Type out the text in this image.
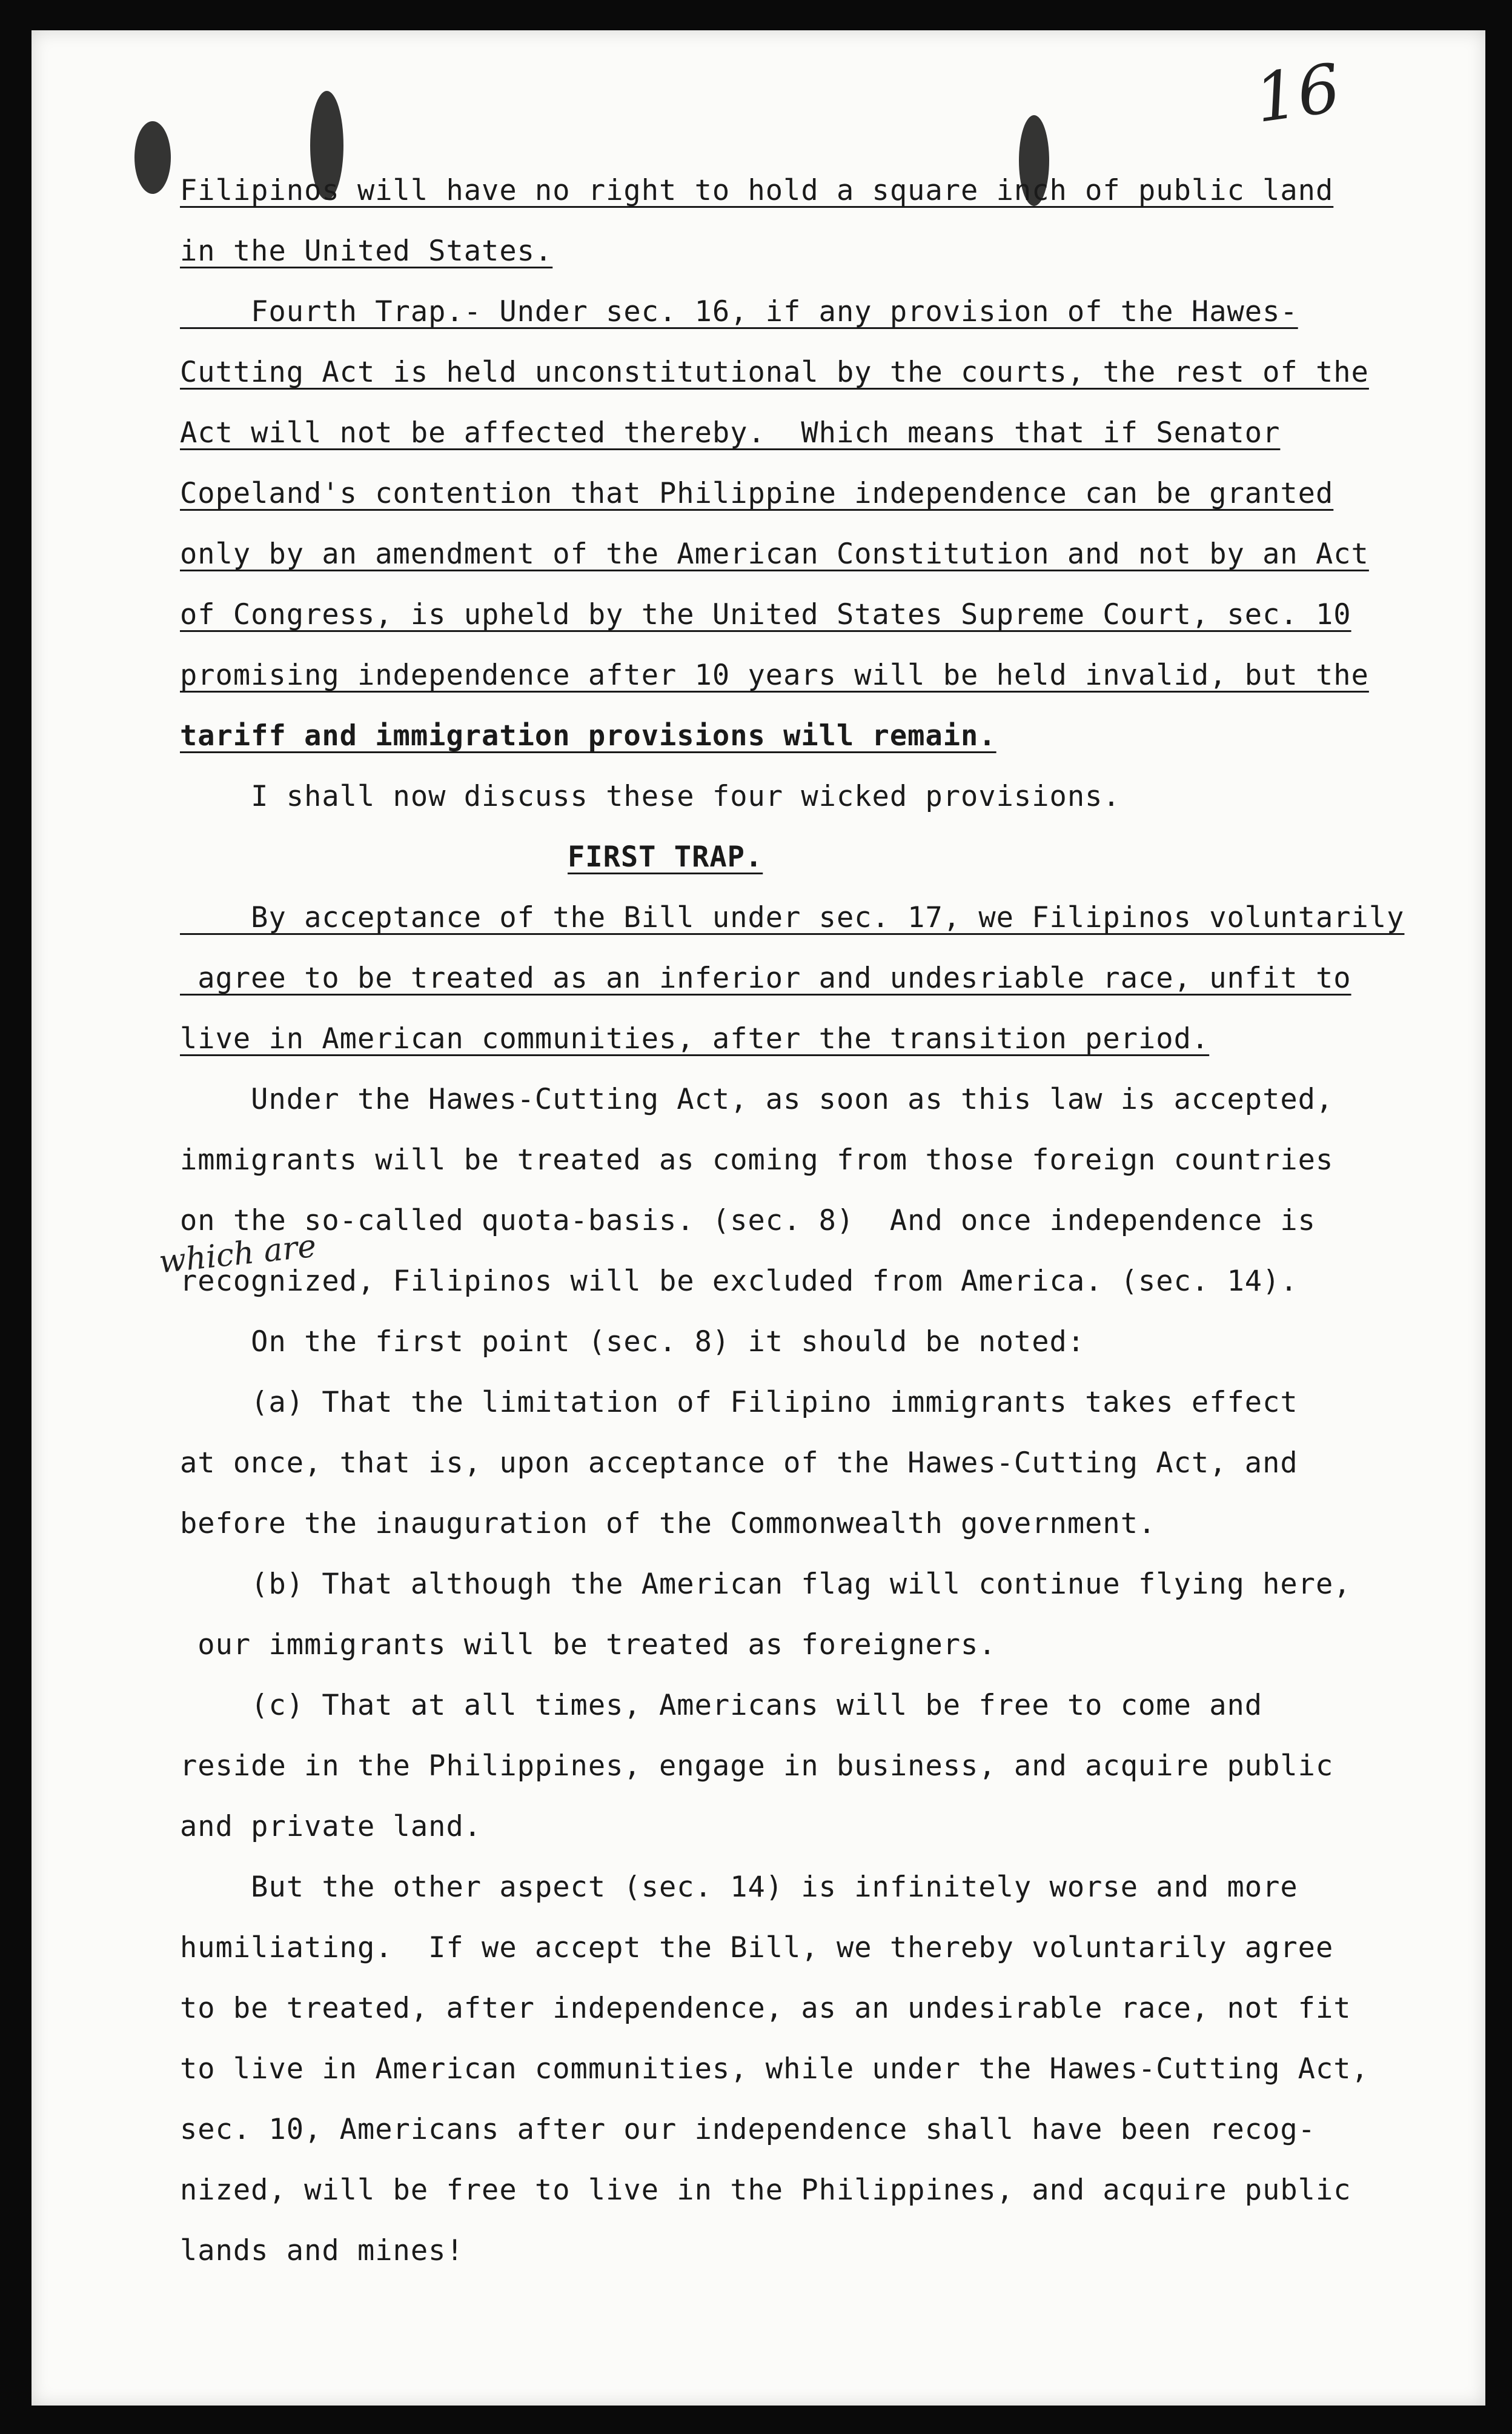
16
which are
Filipinos will have no right to hold a square inch of public land
in the United States.
Fourth Trap.- Under sec. 16, if any provision of the Hawes-
Cutting Act is held unconstitutional by the courts, the rest of the
Act will not be affected thereby.  Which means that if Senator
Copeland's contention that Philippine independence can be granted
only by an amendment of the American Constitution and not by an Act
of Congress, is upheld by the United States Supreme Court, sec. 10
promising independence after 10 years will be held invalid, but the
tariff and immigration provisions will remain.
I shall now discuss these four wicked provisions.
FIRST TRAP.
By acceptance of the Bill under sec. 17, we Filipinos voluntarily
agree to be treated as an inferior and undesriable race, unfit to
live in American communities, after the transition period.
Under the Hawes-Cutting Act, as soon as this law is accepted,
immigrants will be treated as coming from those foreign countries
on the so-called quota-basis. (sec. 8)  And once independence is
recognized, Filipinos will be excluded from America. (sec. 14).
On the first point (sec. 8) it should be noted:
(a) That the limitation of Filipino immigrants takes effect
at once, that is, upon acceptance of the Hawes-Cutting Act, and
before the inauguration of the Commonwealth government.
(b) That although the American flag will continue flying here,
our immigrants will be treated as foreigners.
(c) That at all times, Americans will be free to come and
reside in the Philippines, engage in business, and acquire public
and private land.
But the other aspect (sec. 14) is infinitely worse and more
humiliating.  If we accept the Bill, we thereby voluntarily agree
to be treated, after independence, as an undesirable race, not fit
to live in American communities, while under the Hawes-Cutting Act,
sec. 10, Americans after our independence shall have been recog-
nized, will be free to live in the Philippines, and acquire public
lands and mines!
